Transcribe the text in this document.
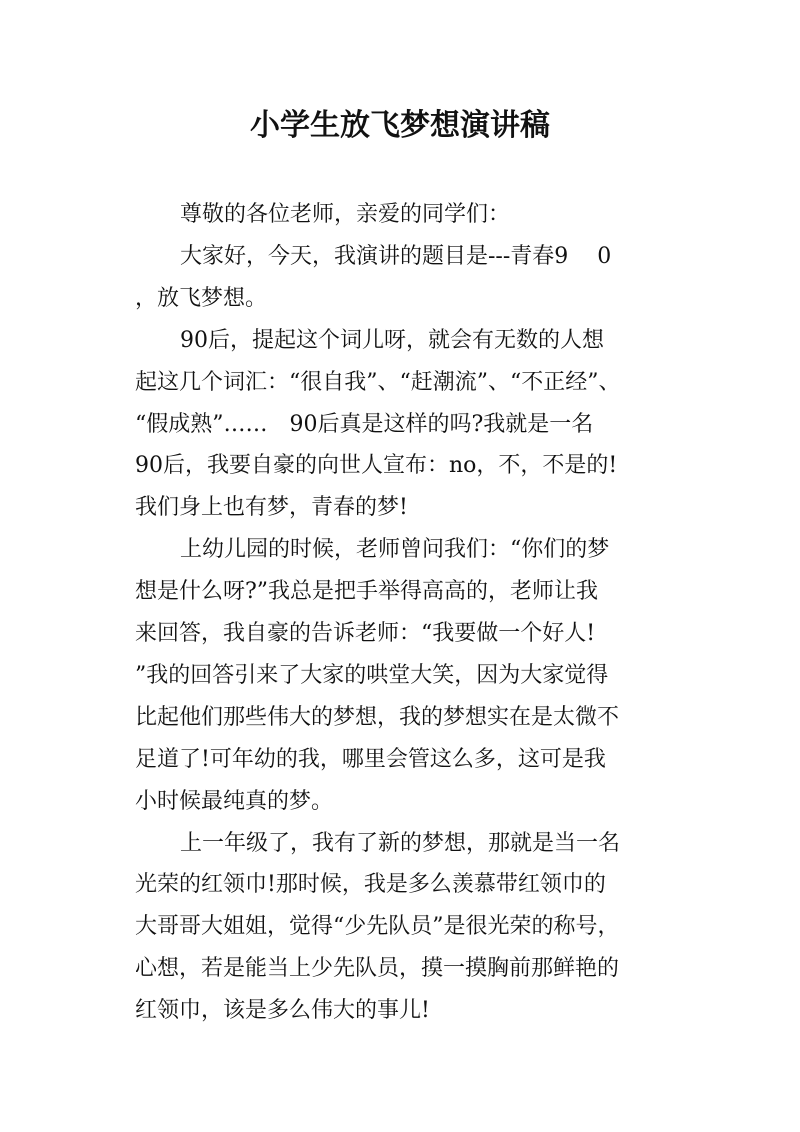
小学生放飞梦想演讲稿
尊敬的各位老师，亲爱的同学们：
大家好，今天，我演讲的题目是---青春9　 0
，放飞梦想。
90后，提起这个词儿呀，就会有无数的人想
起这几个词汇：“很自我”、“赶潮流”、“不正经”、
“假成熟”……　90后真是这样的吗?我就是一名
90后，我要自豪的向世人宣布：no，不，不是的!
我们身上也有梦，青春的梦!
上幼儿园的时候，老师曾问我们：“你们的梦
想是什么呀?”我总是把手举得高高的，老师让我
来回答，我自豪的告诉老师：“我要做一个好人!
”我的回答引来了大家的哄堂大笑，因为大家觉得
比起他们那些伟大的梦想，我的梦想实在是太微不
足道了!可年幼的我，哪里会管这么多，这可是我
小时候最纯真的梦。
上一年级了，我有了新的梦想，那就是当一名
光荣的红领巾!那时候，我是多么羡慕带红领巾的
大哥哥大姐姐，觉得“少先队员”是很光荣的称号，
心想，若是能当上少先队员，摸一摸胸前那鲜艳的
红领巾，该是多么伟大的事儿!
